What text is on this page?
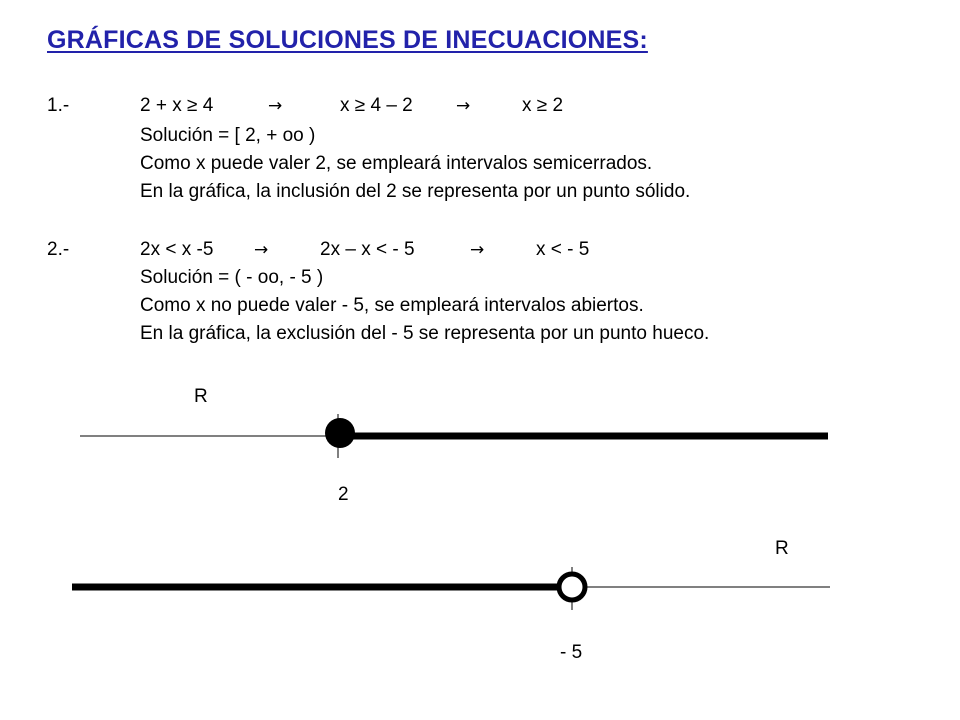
GRÁFICAS DE SOLUCIONES DE INECUACIONES:
1.-	2 + x ≥ 4	→	x ≥ 4 – 2	→	x ≥ 2
Solución = [ 2, + oo )
Como x puede valer 2, se empleará intervalos semicerrados.
En la gráfica, la inclusión del 2 se representa por un punto sólido.
2.-	2x < x -5 →	2x – x < - 5	→	x < - 5
Solución = ( - oo, - 5 )
Como x no puede valer - 5, se empleará intervalos abiertos.
En la gráfica, la exclusión del - 5 se representa por un punto hueco.
R
2
R
- 5
